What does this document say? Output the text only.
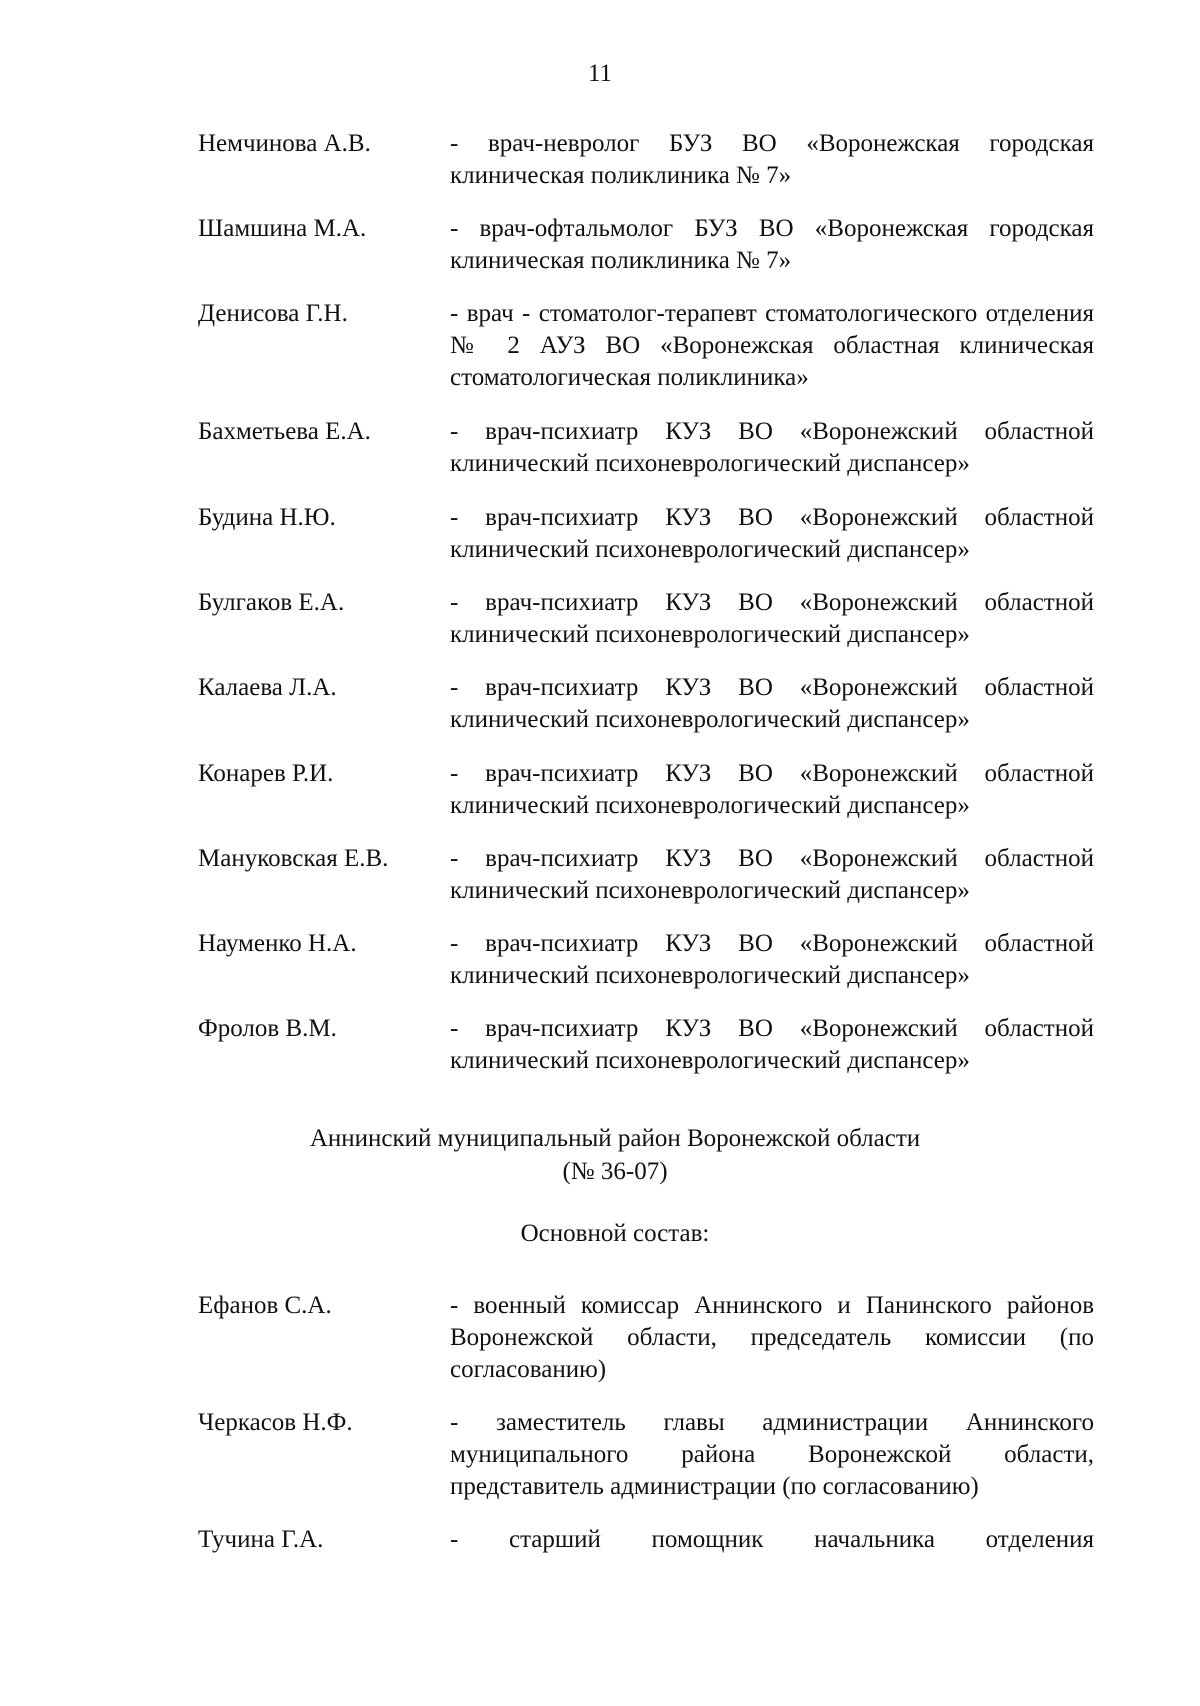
11
Немчинова А.В.	- врач-невролог БУЗ ВО «Воронежская городская клиническая поликлиника № 7»
Шамшина М.А.	- врач-офтальмолог БУЗ ВО «Воронежская городская клиническая поликлиника № 7»
Денисова Г.Н.	- врач - стоматолог-терапевт стоматологического отделения № 2 АУЗ ВО «Воронежская областная клиническая стоматологическая поликлиника»
Бахметьева Е.А.	- врач-психиатр КУЗ ВО «Воронежский областной клинический психоневрологический диспансер»
Будина Н.Ю.	- врач-психиатр КУЗ ВО «Воронежский областной клинический психоневрологический диспансер»
Булгаков Е.А.	- врач-психиатр КУЗ ВО «Воронежский областной клинический психоневрологический диспансер»
Калаева Л.А.	- врач-психиатр КУЗ ВО «Воронежский областной клинический психоневрологический диспансер»
Конарев Р.И.	- врач-психиатр КУЗ ВО «Воронежский областной клинический психоневрологический диспансер»
Мануковская Е.В. - врач-психиатр КУЗ ВО «Воронежский областной клинический психоневрологический диспансер»
Науменко Н.А.	- врач-психиатр КУЗ ВО «Воронежский областной клинический психоневрологический диспансер»
Фролов В.М.	- врач-психиатр КУЗ ВО «Воронежский областной клинический психоневрологический диспансер»
Аннинский муниципальный район Воронежской области
(№ 36-07)
Основной состав:
Ефанов С.А.	- военный комиссар Аннинского и Панинского районов Воронежской области, председатель комиссии (по согласованию)
Черкасов Н.Ф.	- заместитель главы администрации Аннинского муниципального района Воронежской области, представитель администрации (по согласованию)
Тучина Г.А.	- старший помощник начальника отделения
